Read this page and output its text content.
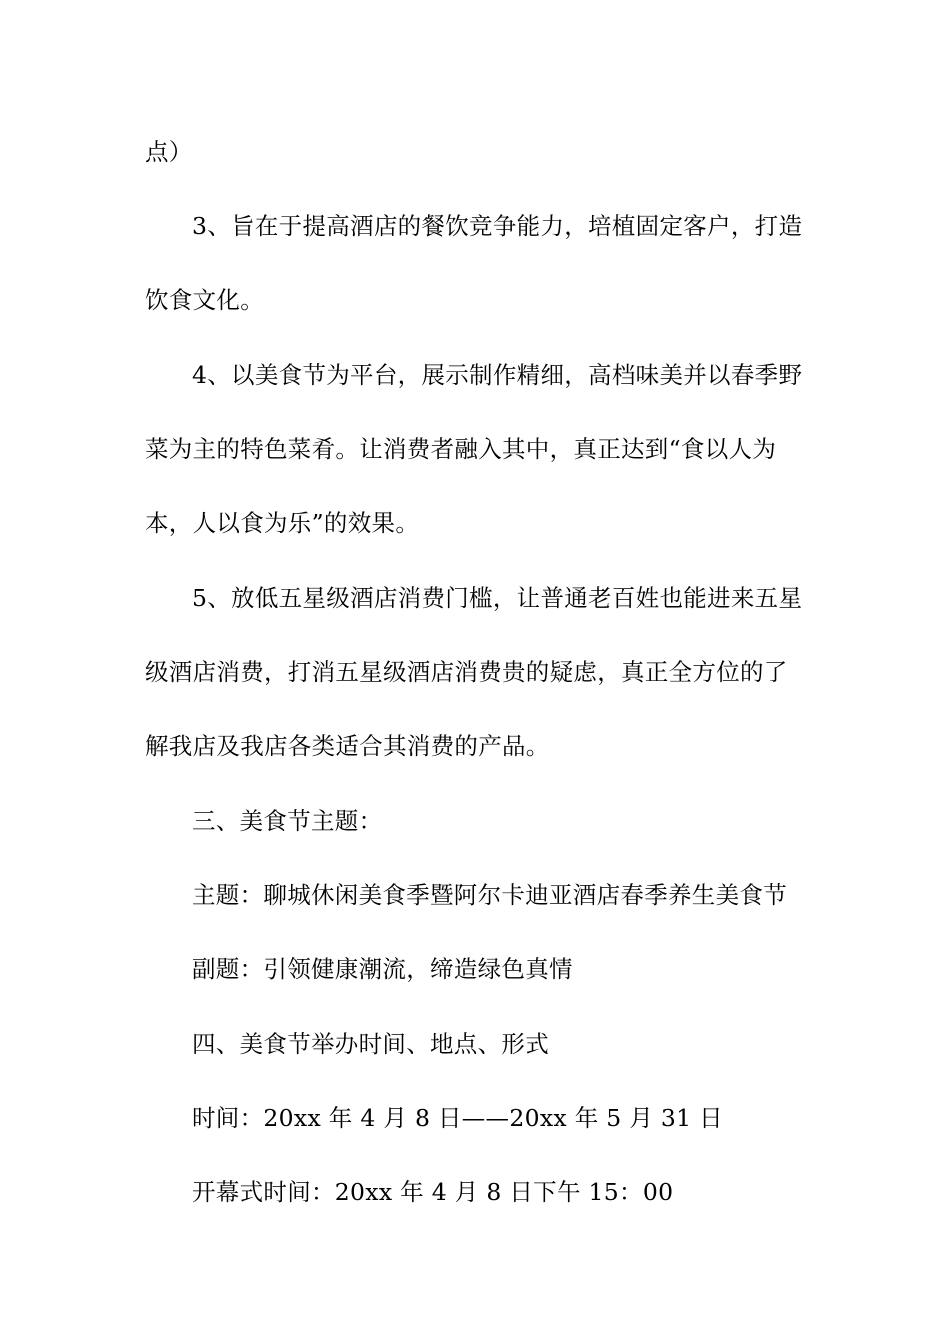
点）
3、旨在于提高酒店的餐饮竞争能力，培植固定客户，打造
饮食文化。
4、以美食节为平台，展示制作精细，高档味美并以春季野
菜为主的特色菜肴。让消费者融入其中，真正达到“食以人为
本，人以食为乐”的效果。
5、放低五星级酒店消费门槛，让普通老百姓也能进来五星
级酒店消费，打消五星级酒店消费贵的疑虑，真正全方位的了
解我店及我店各类适合其消费的产品。
三、美食节主题：
主题：聊城休闲美食季暨阿尔卡迪亚酒店春季养生美食节
副题：引领健康潮流，缔造绿色真情
四、美食节举办时间、地点、形式
时间：20xx 年 4 月 8 日——20xx 年 5 月 31 日
开幕式时间：20xx 年 4 月 8 日下午 15：00
